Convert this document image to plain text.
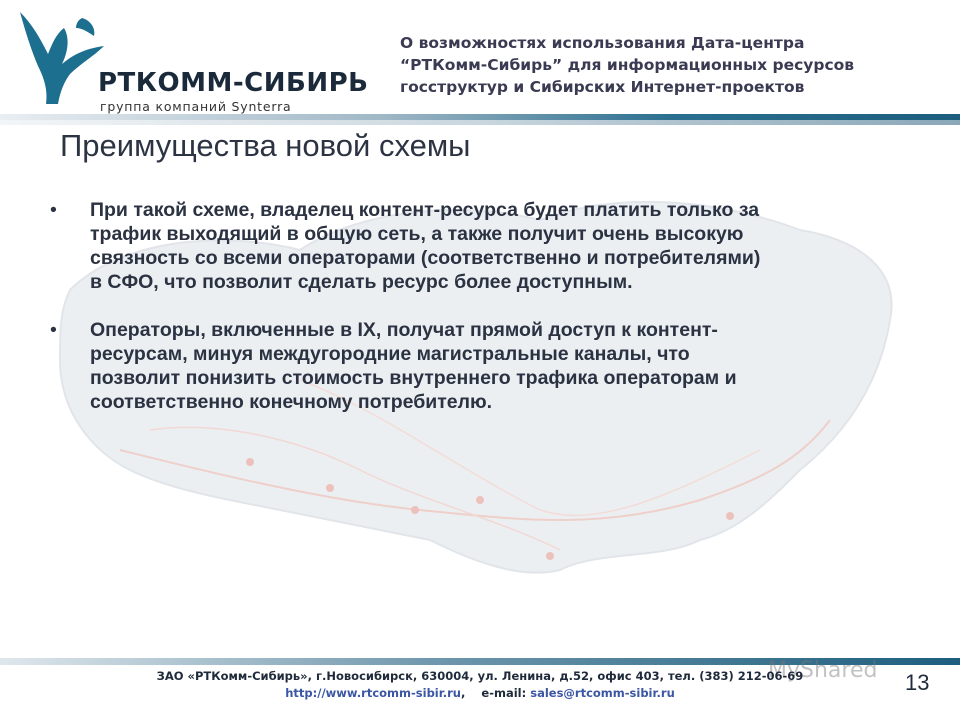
РТКОММ-СИБИРЬ
группа компаний Synterra
О возможностях использования Дата-центра
“РТКомм-Сибирь” для информационных ресурсов
госструктур и Сибирских Интернет-проектов
Преимущества новой схемы
• При такой схеме, владелец контент-ресурса будет платить только за
трафик выходящий в общую сеть, а также получит очень высокую
связность со всеми операторами (соответственно и потребителями)
в СФО, что позволит сделать ресурс более доступным.
• Операторы, включенные в IX, получат прямой доступ к контент-
ресурсам, минуя междугородние магистральные каналы, что
позволит понизить стоимость внутреннего трафика операторам и
соответственно конечному потребителю.
MyShared
ЗАО «РТКомм-Сибирь», г.Новосибирск, 630004, ул. Ленина, д.52, офис 403, тел. (383) 212-06-69
http://www.rtcomm-sibir.ru, e-mail: sales@rtcomm-sibir.ru	13
